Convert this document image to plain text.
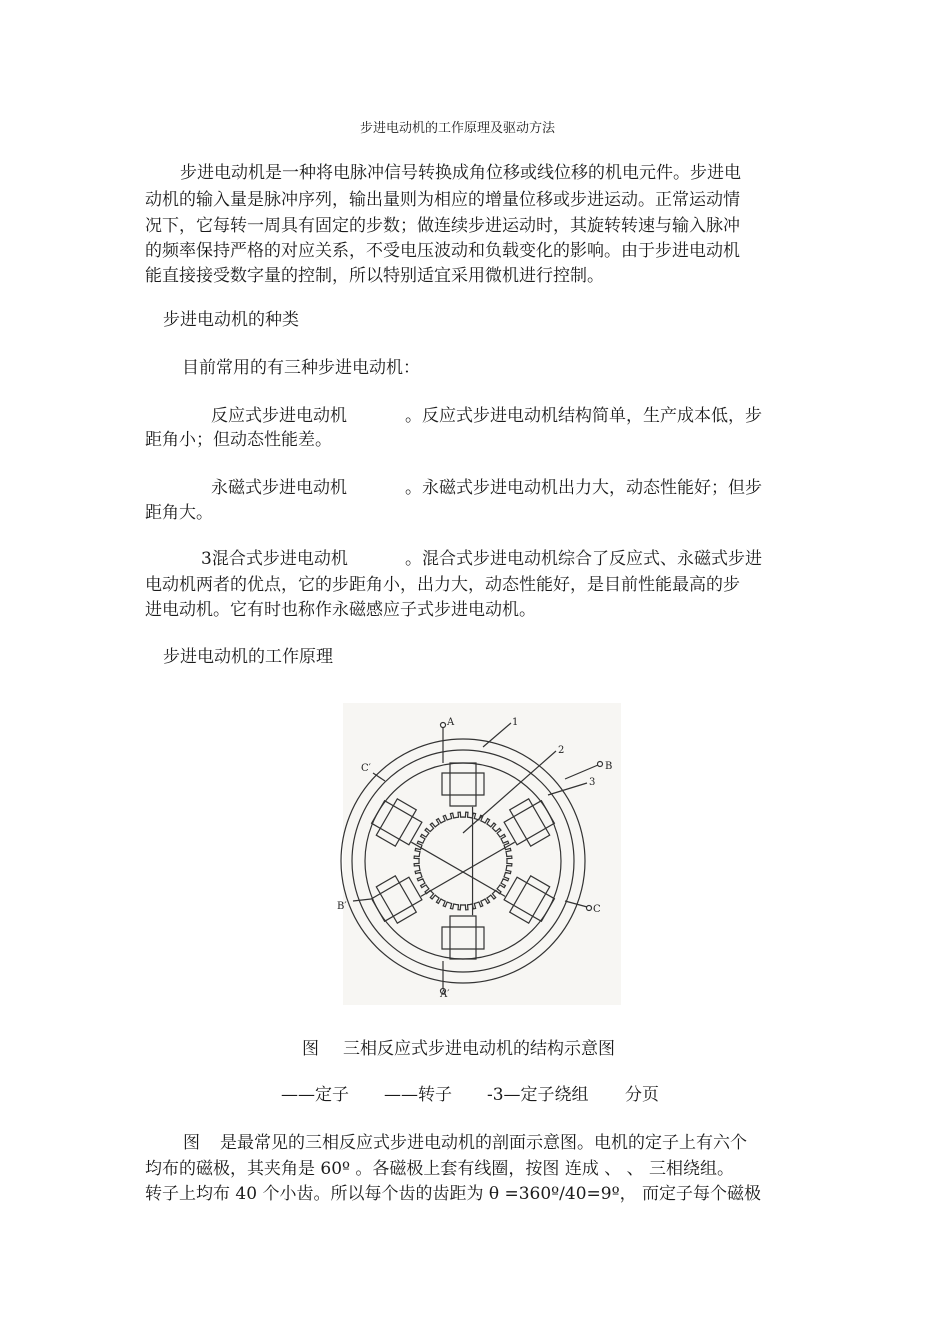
步进电动机的工作原理及驱动方法
步进电动机是一种将电脉冲信号转换成角位移或线位移的机电元件。步进电
动机的输入量是脉冲序列，输出量则为相应的增量位移或步进运动。正常运动情
况下，它每转一周具有固定的步数；做连续步进运动时，其旋转转速与输入脉冲
的频率保持严格的对应关系，不受电压波动和负载变化的影响。由于步进电动机
能直接接受数字量的控制，所以特别适宜采用微机进行控制。
步进电动机的种类
目前常用的有三种步进电动机：
反应式步进电动机	。反应式步进电动机结构简单，生产成本低，步
距角小；但动态性能差。
永磁式步进电动机	。永磁式步进电动机出力大，动态性能好；但步
距角大。
3混合式步进电动机	。混合式步进电动机综合了反应式、永磁式步进
电动机两者的优点，它的步距角小，出力大，动态性能好，是目前性能最高的步
进电动机。它有时也称作永磁感应子式步进电动机。
步进电动机的工作原理
A
A′
B
B′	C
C′
1
2
3
图 三相反应式步进电动机的结构示意图
——定子 ——转子 -3—定子绕组 分页
图 是最常见的三相反应式步进电动机的剖面示意图。电机的定子上有六个
均布的磁极，其夹角是 60º 。各磁极上套有线圈，按图 连成 、 、 三相绕组。
转子上均布 40 个小齿。所以每个齿的齿距为 θ =360º/40=9º， 而定子每个磁极
